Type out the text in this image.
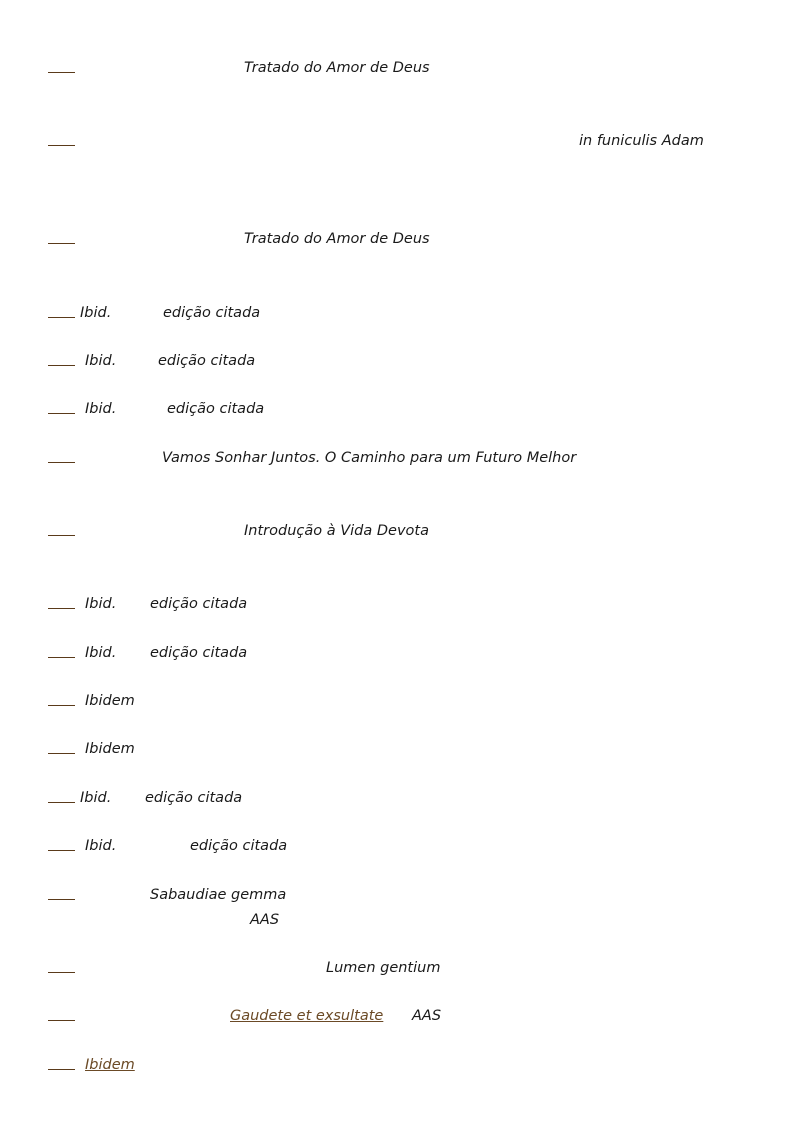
Tratado do Amor de Deus
in funiculis Adam
Tratado do Amor de Deus
Ibid.	edição citada
Ibid.	edição citada
Ibid.	edição citada
Vamos Sonhar Juntos. O Caminho para um Futuro Melhor
Introdução à Vida Devota
Ibid. edição citada
Ibid. edição citada
Ibidem
Ibidem
Ibid. edição citada
Ibid.	edição citada
Sabaudiae gemma
AAS
Lumen gentium
Gaudete et exsultate AAS
Ibidem
